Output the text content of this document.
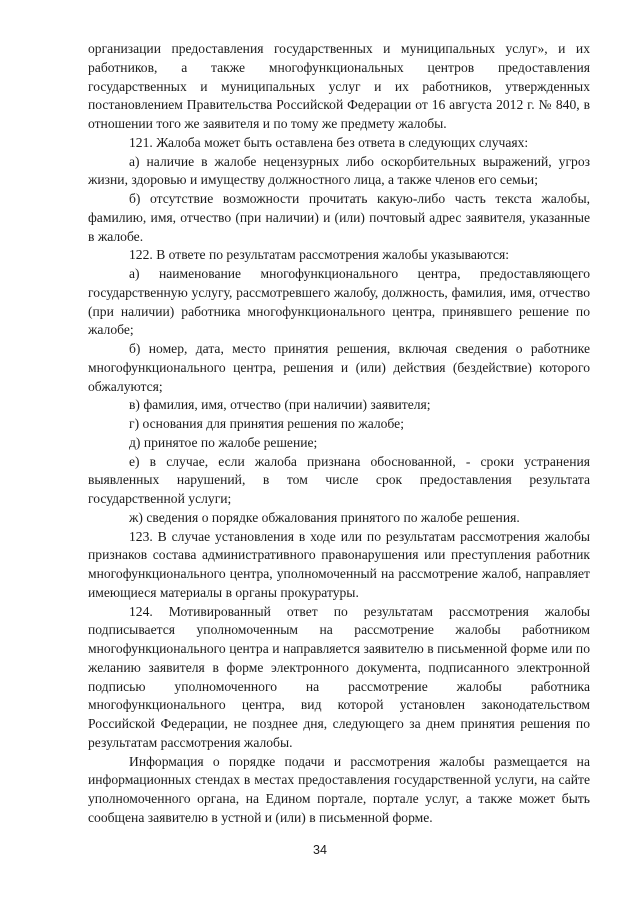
организации предоставления государственных и муниципальных услуг», и их работников, а также многофункциональных центров предоставления государственных и муниципальных услуг и их работников, утвержденных постановлением Правительства Российской Федерации от 16 августа 2012 г. № 840, в отношении того же заявителя и по тому же предмету жалобы.

121. Жалоба может быть оставлена без ответа в следующих случаях:

а) наличие в жалобе нецензурных либо оскорбительных выражений, угроз жизни, здоровью и имуществу должностного лица, а также членов его семьи;

б) отсутствие возможности прочитать какую-либо часть текста жалобы, фамилию, имя, отчество (при наличии) и (или) почтовый адрес заявителя, указанные в жалобе.

122. В ответе по результатам рассмотрения жалобы указываются:

а) наименование многофункционального центра, предоставляющего государственную услугу, рассмотревшего жалобу, должность, фамилия, имя, отчество (при наличии) работника многофункционального центра, принявшего решение по жалобе;

б) номер, дата, место принятия решения, включая сведения о работнике многофункционального центра, решения и (или) действия (бездействие) которого обжалуются;

в) фамилия, имя, отчество (при наличии) заявителя;

г) основания для принятия решения по жалобе;

д) принятое по жалобе решение;

е) в случае, если жалоба признана обоснованной, - сроки устранения выявленных нарушений, в том числе срок предоставления результата государственной услуги;

ж) сведения о порядке обжалования принятого по жалобе решения.

123. В случае установления в ходе или по результатам рассмотрения жалобы признаков состава административного правонарушения или преступления работник многофункционального центра, уполномоченный на рассмотрение жалоб, направляет имеющиеся материалы в органы прокуратуры.

124. Мотивированный ответ по результатам рассмотрения жалобы подписывается уполномоченным на рассмотрение жалобы работником многофункционального центра и направляется заявителю в письменной форме или по желанию заявителя в форме электронного документа, подписанного электронной подписью уполномоченного на рассмотрение жалобы работника многофункционального центра, вид которой установлен законодательством Российской Федерации, не позднее дня, следующего за днем принятия решения по результатам рассмотрения жалобы.

Информация о порядке подачи и рассмотрения жалобы размещается на информационных стендах в местах предоставления государственной услуги, на сайте уполномоченного органа, на Едином портале, портале услуг, а также может быть сообщена заявителю в устной и (или) в письменной форме.

34
